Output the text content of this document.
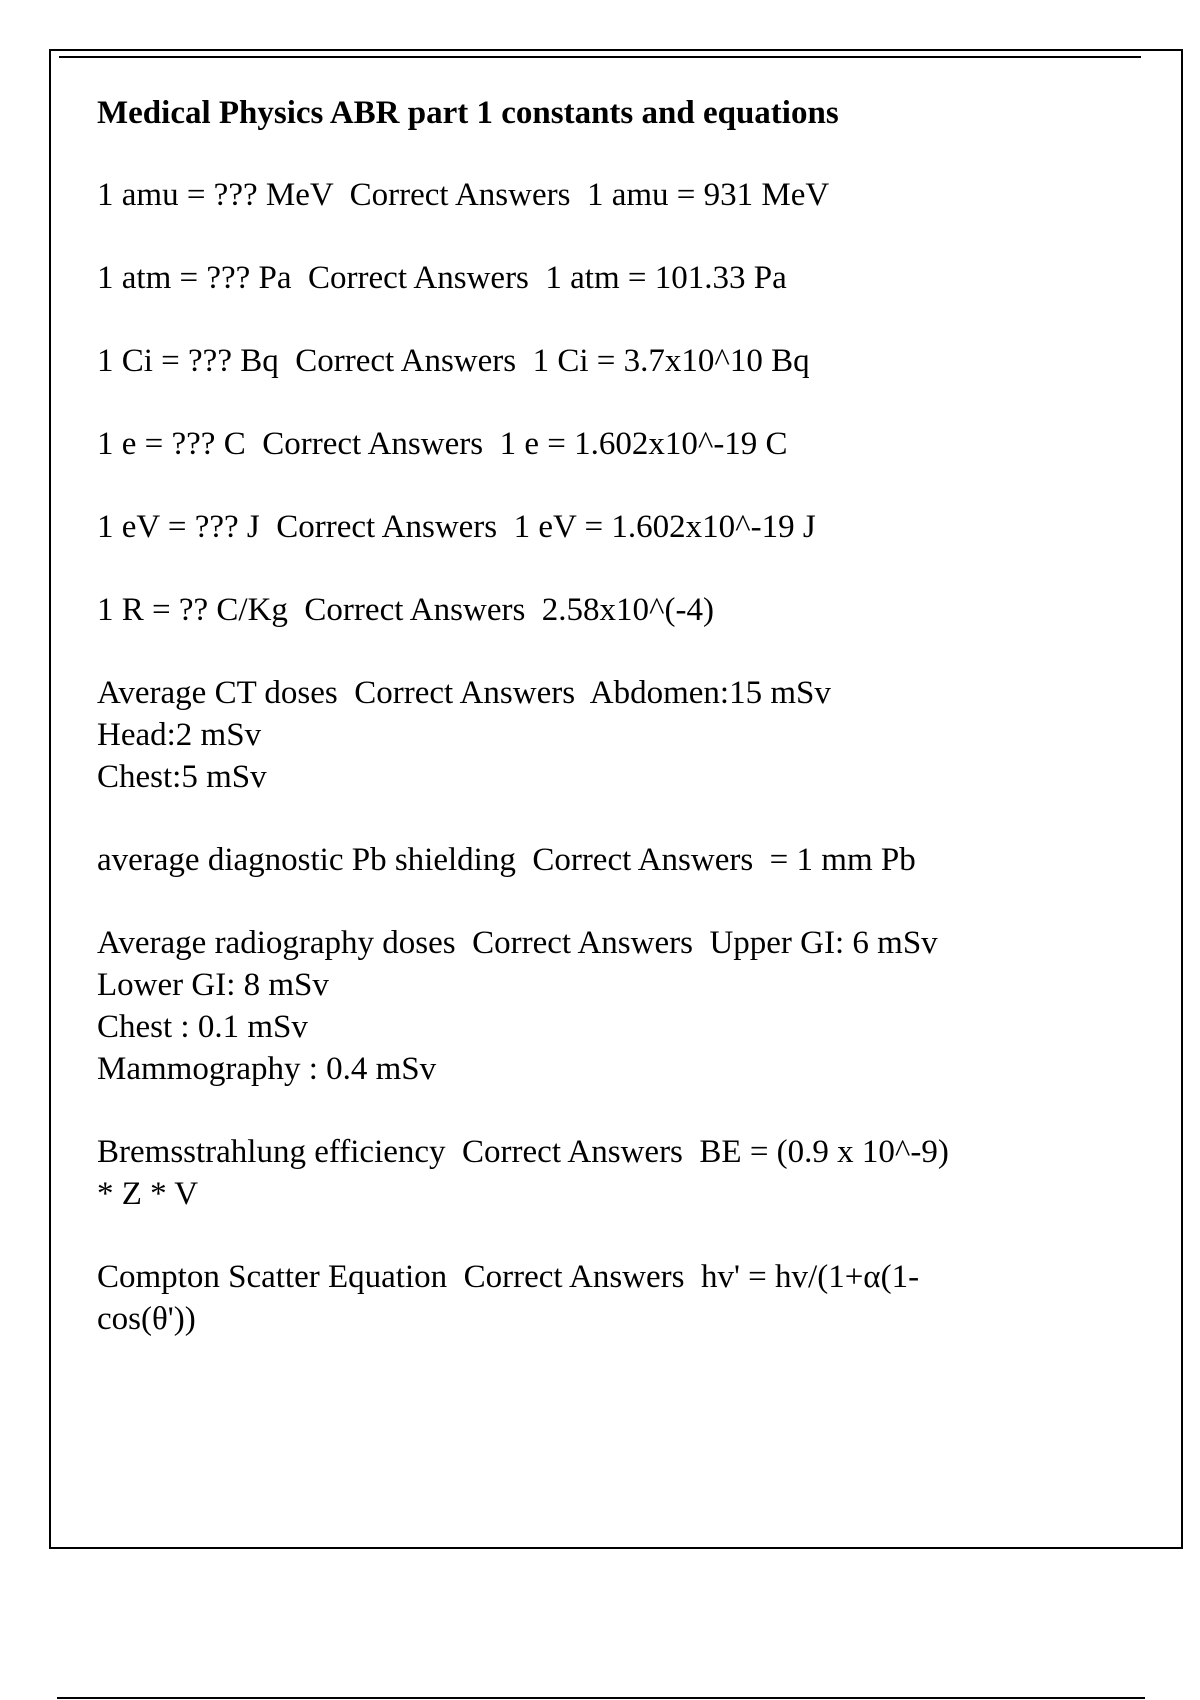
Medical Physics ABR part 1 constants and equations
1 amu = ??? MeV  Correct Answers  1 amu = 931 MeV
1 atm = ??? Pa  Correct Answers  1 atm = 101.33 Pa
1 Ci = ??? Bq  Correct Answers  1 Ci = 3.7x10^10 Bq
1 e = ??? C  Correct Answers  1 e = 1.602x10^-19 C
1 eV = ??? J  Correct Answers  1 eV = 1.602x10^-19 J
1 R = ?? C/Kg  Correct Answers  2.58x10^(-4)
Average CT doses  Correct Answers  Abdomen:15 mSv
Head:2 mSv
Chest:5 mSv
average diagnostic Pb shielding  Correct Answers  = 1 mm Pb
Average radiography doses  Correct Answers  Upper GI: 6 mSv
Lower GI: 8 mSv
Chest : 0.1 mSv
Mammography : 0.4 mSv
Bremsstrahlung efficiency  Correct Answers  BE = (0.9 x 10^-9)
* Z * V
Compton Scatter Equation  Correct Answers  hv' = hv/(1+α(1-
cos(θ'))
